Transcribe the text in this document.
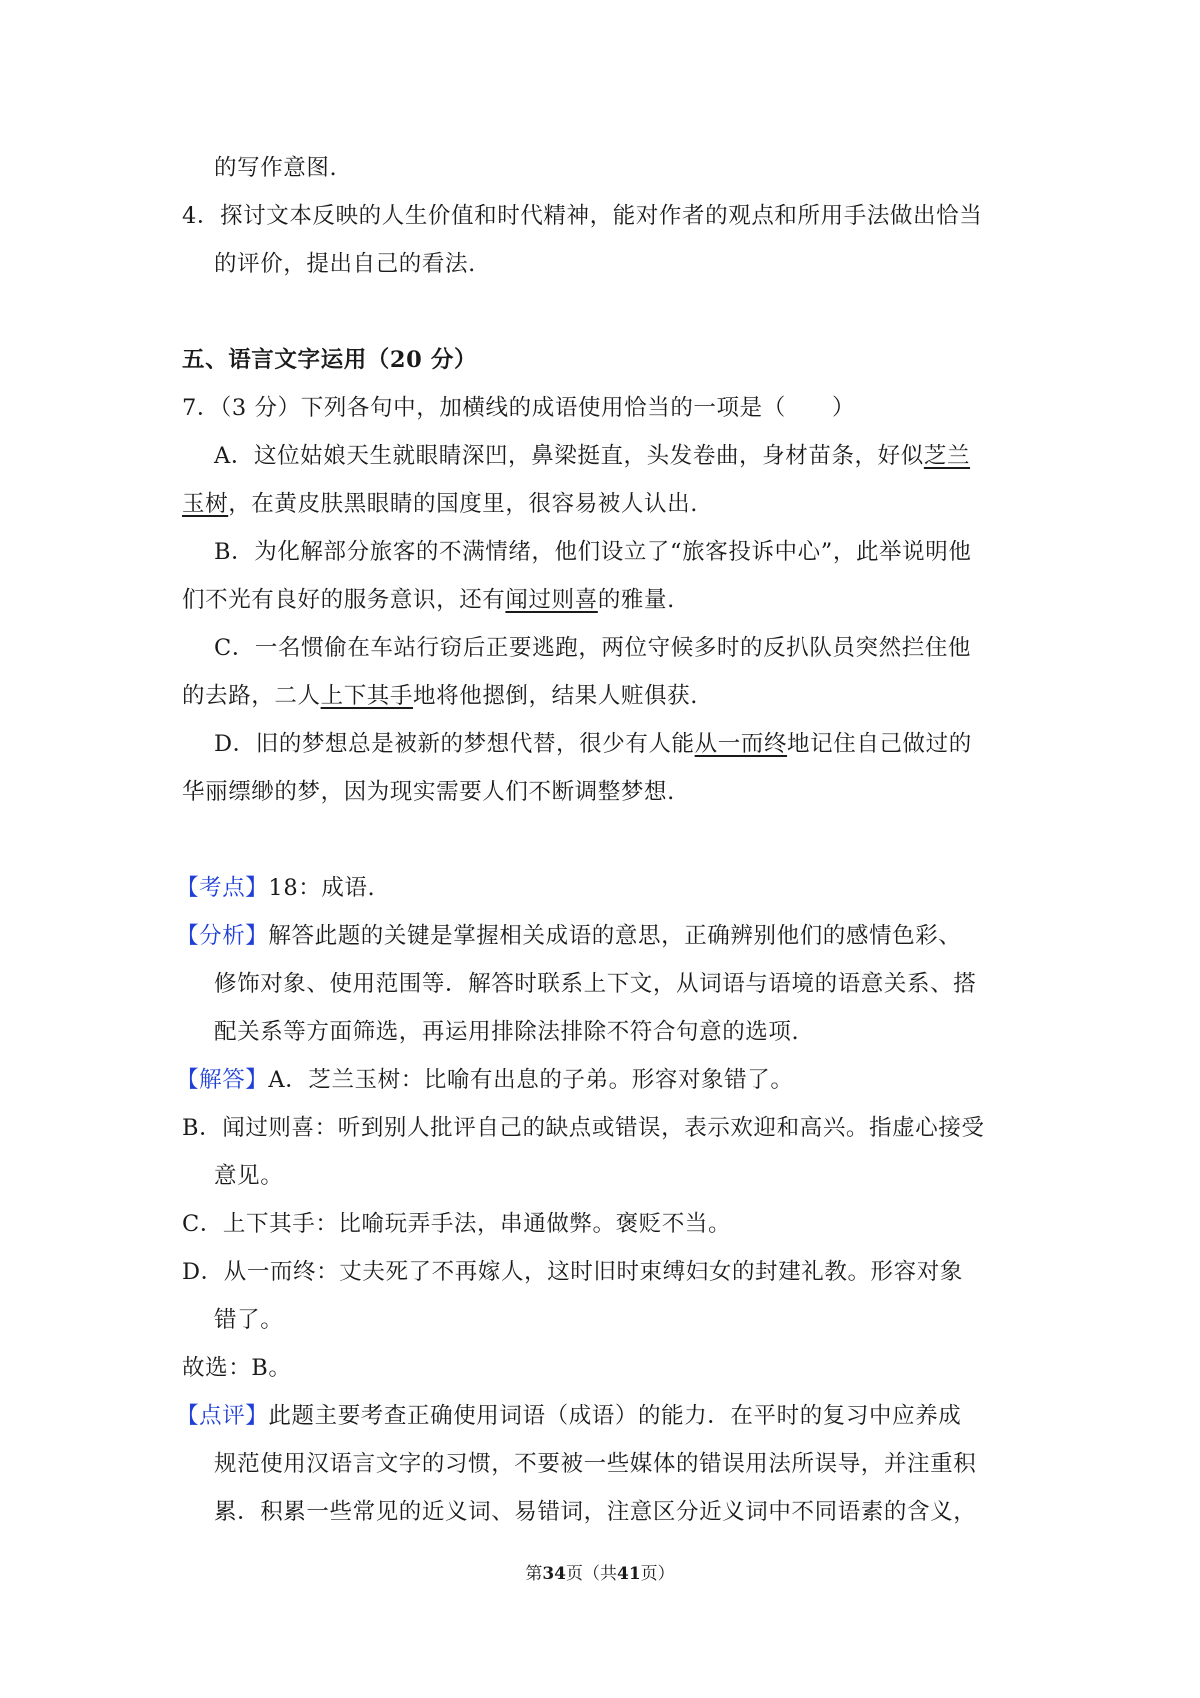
的写作意图.
4．探讨文本反映的人生价值和时代精神，能对作者的观点和所用手法做出恰当
的评价，提出自己的看法.
五、语言文字运用（20 分）
7．（3 分）下列各句中，加横线的成语使用恰当的一项是（　　）
A．这位姑娘天生就眼睛深凹，鼻梁挺直，头发卷曲，身材苗条，好似芝兰
玉树，在黄皮肤黑眼睛的国度里，很容易被人认出.
B．为化解部分旅客的不满情绪，他们设立了“旅客投诉中心”，此举说明他
们不光有良好的服务意识，还有闻过则喜的雅量.
C．一名惯偷在车站行窃后正要逃跑，两位守候多时的反扒队员突然拦住他
的去路，二人上下其手地将他摁倒，结果人赃俱获.
D．旧的梦想总是被新的梦想代替，很少有人能从一而终地记住自己做过的
华丽缥缈的梦，因为现实需要人们不断调整梦想.
【考点】18：成语.
【分析】解答此题的关键是掌握相关成语的意思，正确辨别他们的感情色彩、
修饰对象、使用范围等．解答时联系上下文，从词语与语境的语意关系、搭
配关系等方面筛选，再运用排除法排除不符合句意的选项.
【解答】A．芝兰玉树：比喻有出息的子弟。形容对象错了。
B．闻过则喜：听到别人批评自己的缺点或错误，表示欢迎和高兴。指虚心接受
意见。
C．上下其手：比喻玩弄手法，串通做弊。褒贬不当。
D．从一而终：丈夫死了不再嫁人，这时旧时束缚妇女的封建礼教。形容对象
错了。
故选：B。
【点评】此题主要考查正确使用词语（成语）的能力．在平时的复习中应养成
规范使用汉语言文字的习惯，不要被一些媒体的错误用法所误导，并注重积
累．积累一些常见的近义词、易错词，注意区分近义词中不同语素的含义，
第34页（共41页）
